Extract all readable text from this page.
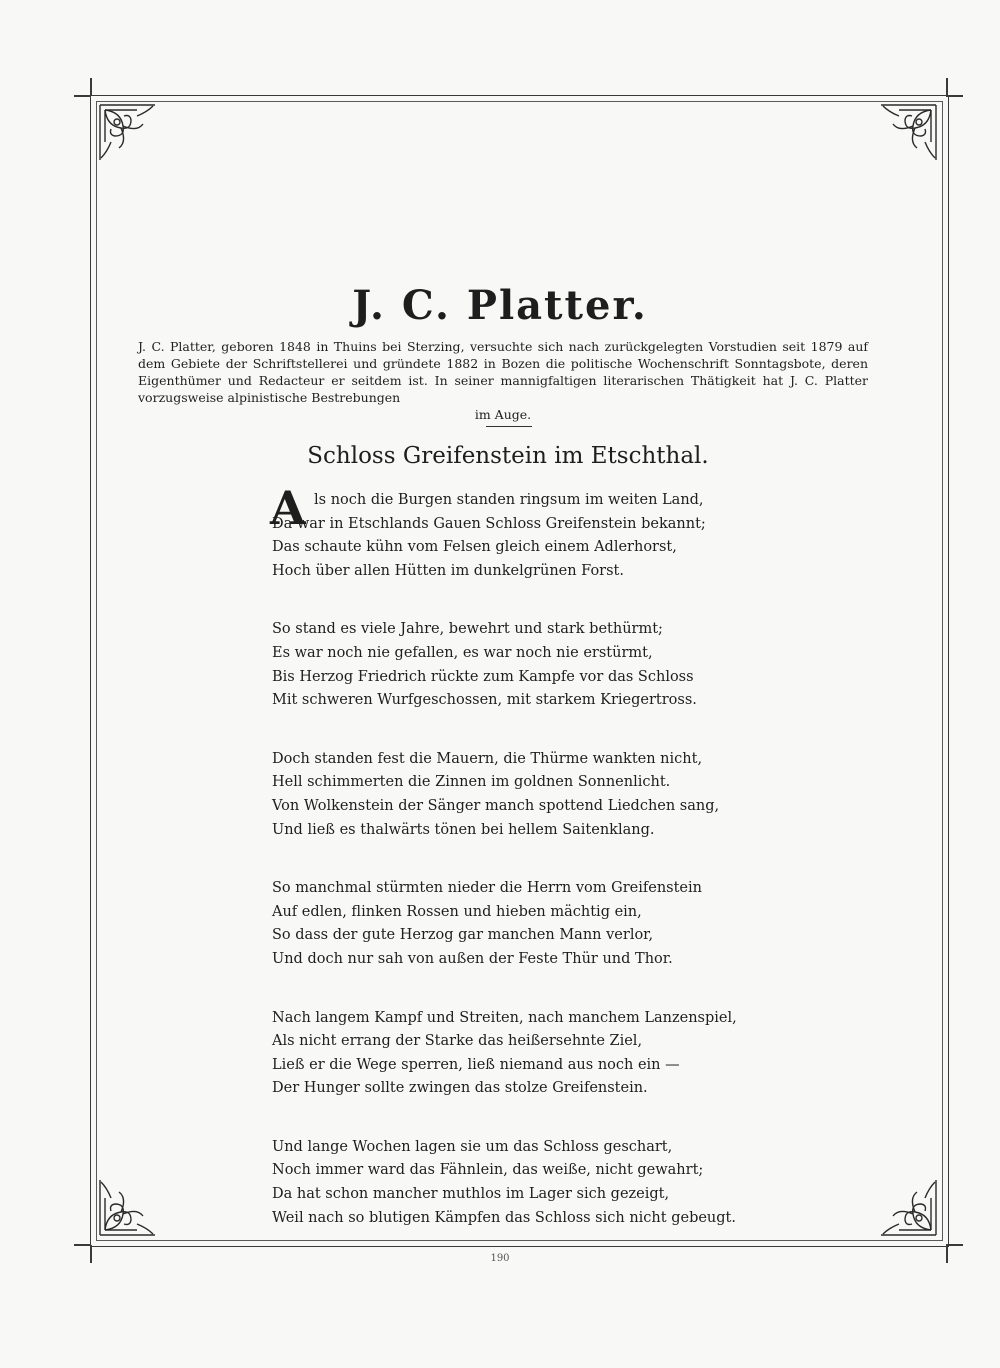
J. C. Platter.
J. C. Platter, geboren 1848 in Thuins bei Sterzing, versuchte sich nach zurückgelegten Vorstudien seit 1879 auf dem Gebiete der Schriftstellerei und gründete 1882 in Bozen die politische Wochenschrift Sonntagsbote, deren Eigenthümer und Redacteur er seitdem ist. In seiner mannigfaltigen literarischen Thätigkeit hat J. C. Platter vorzugsweise alpinistische Bestrebungen
im Auge.
Schloss Greifenstein im Etschthal.
A ls noch die Burgen standen ringsum im weiten Land,
Da war in Etschlands Gauen Schloss Greifenstein bekannt;
Das schaute kühn vom Felsen gleich einem Adlerhorst,
Hoch über allen Hütten im dunkelgrünen Forst.
So stand es viele Jahre, bewehrt und stark bethürmt;
Es war noch nie gefallen, es war noch nie erstürmt,
Bis Herzog Friedrich rückte zum Kampfe vor das Schloss
Mit schweren Wurfgeschossen, mit starkem Kriegertross.
Doch standen fest die Mauern, die Thürme wankten nicht,
Hell schimmerten die Zinnen im goldnen Sonnenlicht.
Von Wolkenstein der Sänger manch spottend Liedchen sang,
Und ließ es thalwärts tönen bei hellem Saitenklang.
So manchmal stürmten nieder die Herrn vom Greifenstein
Auf edlen, flinken Rossen und hieben mächtig ein,
So dass der gute Herzog gar manchen Mann verlor,
Und doch nur sah von außen der Feste Thür und Thor.
Nach langem Kampf und Streiten, nach manchem Lanzenspiel,
Als nicht errang der Starke das heißersehnte Ziel,
Ließ er die Wege sperren, ließ niemand aus noch ein —
Der Hunger sollte zwingen das stolze Greifenstein.
Und lange Wochen lagen sie um das Schloss geschart,
Noch immer ward das Fähnlein, das weiße, nicht gewahrt;
Da hat schon mancher muthlos im Lager sich gezeigt,
Weil nach so blutigen Kämpfen das Schloss sich nicht gebeugt.
190
